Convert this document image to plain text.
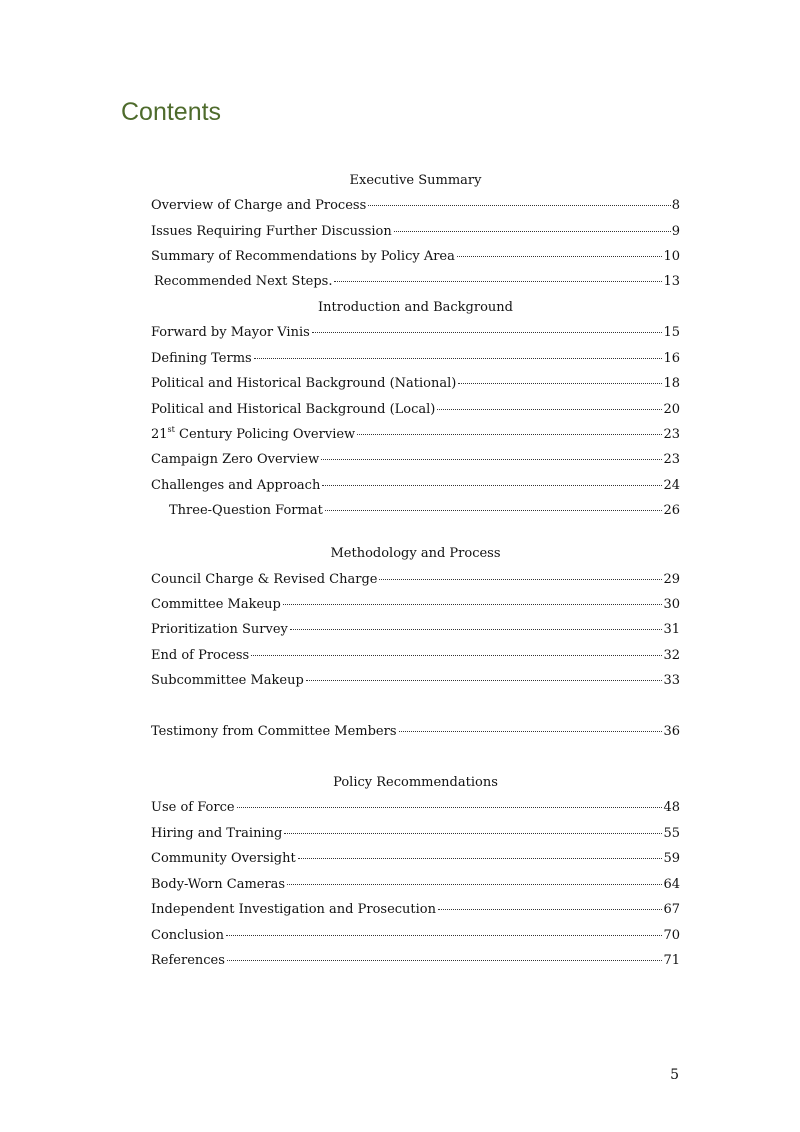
Contents
Executive Summary
Overview of Charge and Process	8
Issues Requiring Further Discussion	9
Summary of Recommendations by Policy Area	10
Recommended Next Steps.	13
Introduction and Background
Forward by Mayor Vinis	15
Defining Terms	16
Political and Historical Background (National)	18
Political and Historical Background (Local)	20
21st Century Policing Overview	23
Campaign Zero Overview	23
Challenges and Approach	24
Three-Question Format	26
Methodology and Process
Council Charge & Revised Charge	29
Committee Makeup	30
Prioritization Survey	31
End of Process	32
Subcommittee Makeup	33
Testimony from Committee Members	36
Policy Recommendations
Use of Force	48
Hiring and Training	55
Community Oversight	59
Body-Worn Cameras	64
Independent Investigation and Prosecution	67
Conclusion	70
References	71
5
